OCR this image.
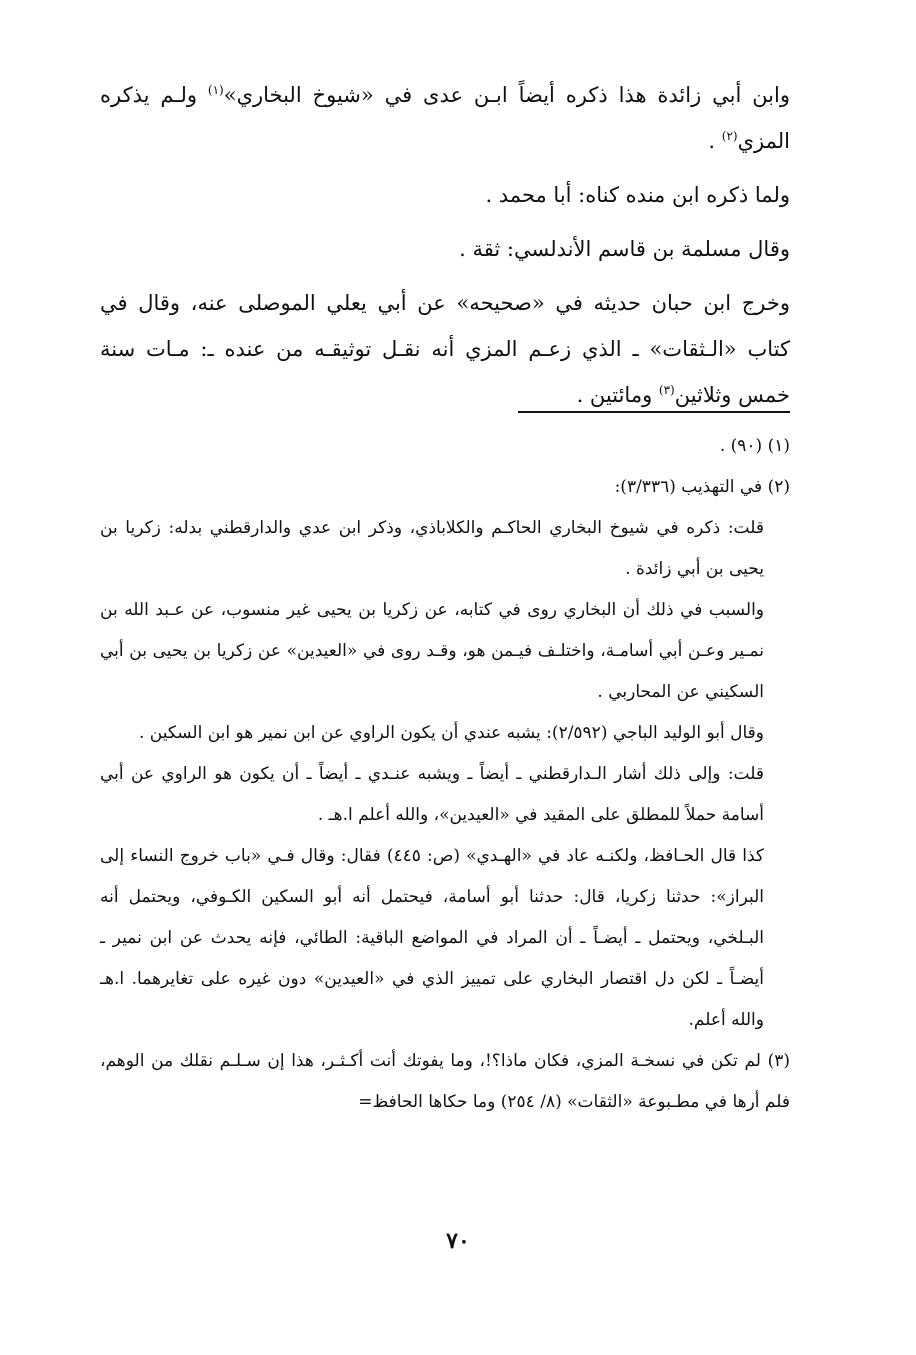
وابن أبي زائدة هذا ذكره أيضاً ابـن عدى في «شيوخ البخاري»$^{(١)}$ ولـم يذكره المزي$^{(٢)}$ .

ولما ذكره ابن منده كناه: أبا محمد .

وقال مسلمة بن قاسم الأندلسي: ثقة .

وخرج ابن حبان حديثه في «صحيحه» عن أبي يعلي الموصلى عنه، وقال في كتاب «الـثقات» ـ الذي زعـم المزي أنه نقـل توثيقـه من عنده ـ: مـات سنة خمس وثلاثين$^{(٣)}$ ومائتين .

(١) (٩٠) .

(٢) في التهذيب (٣/٣٣٦):

قلت: ذكره في شيوخ البخاري الحاكـم والكلاباذي، وذكر ابن عدي والدارقطني بدله: زكريا بن يحيى بن أبي زائدة .

والسبب في ذلك أن البخاري روى في كتابه، عن زكريا بن يحيى غير منسوب، عن عـبد الله بن نمـير وعـن أبي أسامـة، واختلـف فيـمن هو، وقـد روى في «العيدين» عن زكريا بن يحيى بن أبي السكيني عن المحاربي .

وقال أبو الوليد الباجي (٢/٥٩٢): يشبه عندي أن يكون الراوي عن ابن نمير هو ابن السكين .

قلت: وإلى ذلك أشار الـدارقطني ـ أيضاً ـ ويشبه عنـدي ـ أيضاً ـ أن يكون هو الراوي عن أبي أسامة حملاً للمطلق على المقيد في «العيدين»، والله أعلم ا.هـ .

كذا قال الحـافظ، ولكنـه عاد في «الهـدي» (ص: ٤٤٥) فقال: وقال فـي «باب خروج النساء إلى البراز»: حدثنا زكريا، قال: حدثنا أبو أسامة، فيحتمل أنه أبو السكين الكـوفي، ويحتمل أنه البـلخي، ويحتمل ـ أيضـاً ـ أن المراد في المواضع الباقية: الطائي، فإنه يحدث عن ابن نمير ـ أيضـاً ـ لكن دل اقتصار البخاري على تمييز الذي في «العيدين» دون غيره على تغايرهما. ا.هـ والله أعلم.

(٣) لم تكن في نسخـة المزي، فكان ماذا؟!، وما يفوتك أنت أكـثـر، هذا إن سـلـم نقلك من الوهم، فلم أرها في مطـبوعة «الثقات» (٨/ ٢٥٤) وما حكاها الحافظ=

٧٠
